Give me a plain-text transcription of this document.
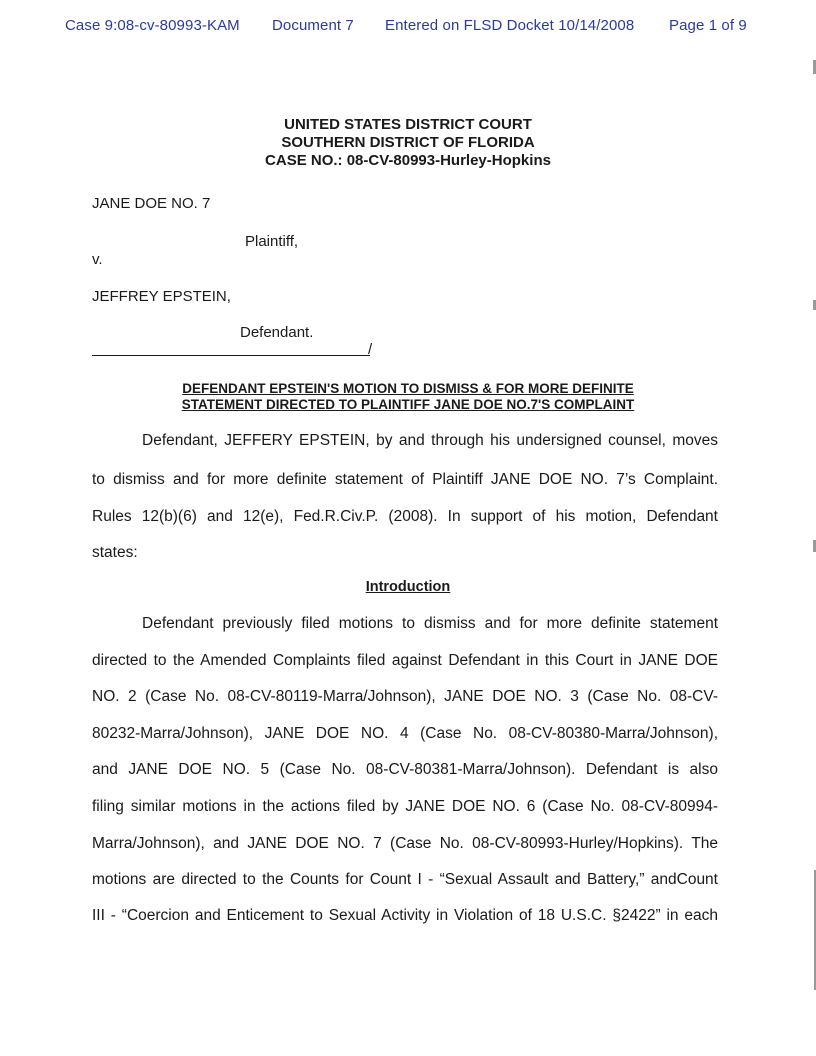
Case 9:08-cv-80993-KAM Document 7 Entered on FLSD Docket 10/14/2008 Page 1 of 9
UNITED STATES DISTRICT COURT
SOUTHERN DISTRICT OF FLORIDA
CASE NO.: 08-CV-80993-Hurley-Hopkins
JANE DOE NO. 7
Plaintiff,
v.
JEFFREY EPSTEIN,
Defendant.
/
DEFENDANT EPSTEIN'S MOTION TO DISMISS & FOR MORE DEFINITE
STATEMENT DIRECTED TO PLAINTIFF JANE DOE NO.7'S COMPLAINT
Defendant, JEFFERY EPSTEIN, by and through his undersigned counsel, moves
to dismiss and for more definite statement of Plaintiff JANE DOE NO. 7’s Complaint.
Rules 12(b)(6) and 12(e), Fed.R.Civ.P. (2008). In support of his motion, Defendant
states:
Introduction
Defendant previously filed motions to dismiss and for more definite statement
directed to the Amended Complaints filed against Defendant in this Court in JANE DOE
NO. 2 (Case No. 08-CV-80119-Marra/Johnson), JANE DOE NO. 3 (Case No. 08-CV-
80232-Marra/Johnson), JANE DOE NO. 4 (Case No. 08-CV-80380-Marra/Johnson),
and JANE DOE NO. 5 (Case No. 08-CV-80381-Marra/Johnson). Defendant is also
filing similar motions in the actions filed by JANE DOE NO. 6 (Case No. 08-CV-80994-
Marra/Johnson), and JANE DOE NO. 7 (Case No. 08-CV-80993-Hurley/Hopkins). The
motions are directed to the Counts for Count I - “Sexual Assault and Battery,” andCount
III - “Coercion and Enticement to Sexual Activity in Violation of 18 U.S.C. §2422” in each
